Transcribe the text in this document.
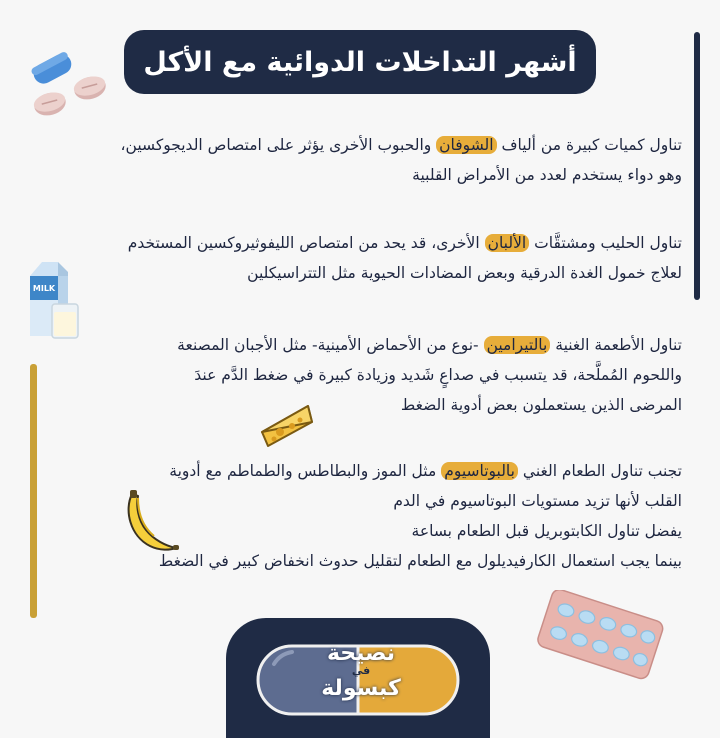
أشهر التداخلات الدوائية مع الأكل
تناول كميات كبيرة من ألياف الشوفان والحبوب الأخرى يؤثر على امتصاص الديجوكسين،
وهو دواء يستخدم لعدد من الأمراض القلبية
تناول الحليب ومشتقَّات الألبان الأخرى، قد يحد من امتصاص الليفوثيروكسين المستخدم
لعلاج خمول الغدة الدرقية وبعض المضادات الحيوية مثل التتراسيكلين
MILK
تناول الأطعمة الغنية بالتيرامين -نوع من الأحماض الأمينية- مثل الأجبان المصنعة
واللحوم المُملَّحة، قد يتسبب في صداعٍ شَديد وزيادة كبيرة في ضغط الدَّم عندَ
المرضى الذين يستعملون بعض أدوية الضغط
تجنب تناول الطعام الغني بالبوتاسيوم مثل الموز والبطاطس والطماطم مع أدوية
القلب لأنها تزيد مستويات البوتاسيوم في الدم
يفضل تناول الكابتوبريل قبل الطعام بساعة
بينما يجب استعمال الكارفيديلول مع الطعام لتقليل حدوث انخفاض كبير في الضغط
نصيحة
في
كبسولة
